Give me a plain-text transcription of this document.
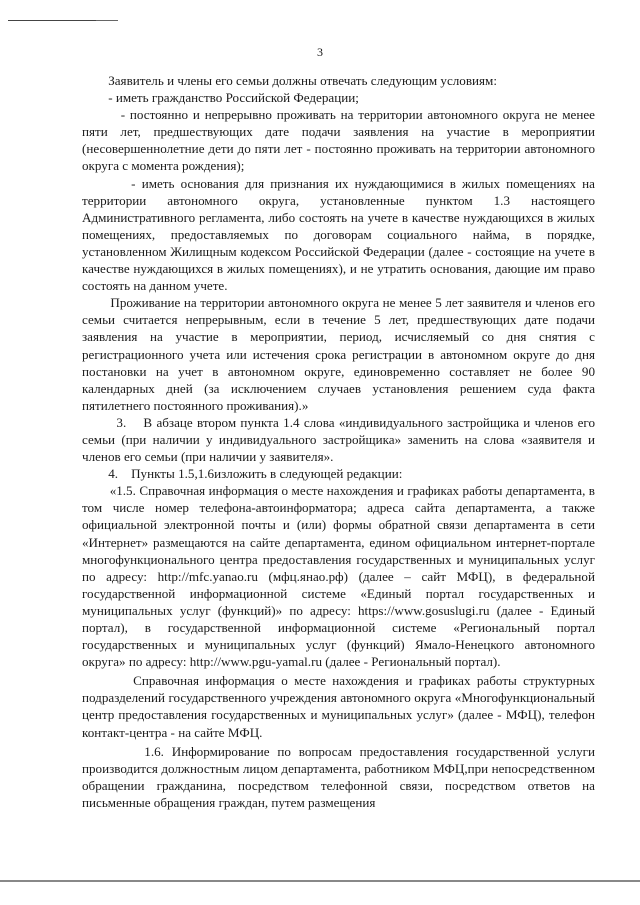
3

Заявитель и члены его семьи должны отвечать следующим условиям:

- иметь гражданство Российской Федерации;

- постоянно и непрерывно проживать на территории автономного округа не менее пяти лет, предшествующих дате подачи заявления на участие в мероприятии (несовершеннолетние дети до пяти лет - постоянно проживать на территории автономного округа с момента рождения);

- иметь основания для признания их нуждающимися в жилых помещениях на территории автономного округа, установленные пунктом 1.3 настоящего Административного регламента, либо состоять на учете в качестве нуждающихся в жилых помещениях, предоставляемых по договорам социального найма, в порядке, установленном Жилищным кодексом Российской Федерации (далее - состоящие на учете в качестве нуждающихся в жилых помещениях), и не утратить основания, дающие им право состоять на данном учете.

Проживание на территории автономного округа не менее 5 лет заявителя и членов его семьи считается непрерывным, если в течение 5 лет, предшествующих дате подачи заявления на участие в мероприятии, период, исчисляемый со дня снятия с регистрационного учета или истечения срока регистрации в автономном округе до дня постановки на учет в автономном округе, единовременно составляет не более 90 календарных дней (за исключением случаев установления решением суда факта пятилетнего постоянного проживания).»

3.    В абзаце втором пункта 1.4 слова «индивидуального застройщика и членов его семьи (при наличии у индивидуального застройщика» заменить на слова «заявителя и членов его семьи (при наличии у заявителя».

4.    Пункты 1.5,1.6изложить в следующей редакции:

«1.5. Справочная информация о месте нахождения и графиках работы департамента, в том числе номер телефона-автоинформатора; адреса сайта департамента, а также официальной электронной почты и (или) формы обратной связи департамента в сети «Интернет» размещаются на сайте департамента, едином официальном интернет-портале многофункционального центра предоставления государственных и муниципальных услуг по адресу: http://mfc.yanao.ru (мфц.янао.рф) (далее – сайт МФЦ), в федеральной государственной информационной системе «Единый портал государственных и муниципальных услуг (функций)» по адресу: https://www.gosuslugi.ru (далее - Единый портал), в государственной информационной системе «Региональный портал государственных и муниципальных услуг (функций) Ямало-Ненецкого автономного округа» по адресу: http://www.pgu-yamal.ru (далее - Региональный портал).

Справочная информация о месте нахождения и графиках работы структурных подразделений государственного учреждения автономного округа «Многофункциональный центр предоставления государственных и муниципальных услуг» (далее - МФЦ), телефон контакт-центра - на сайте МФЦ.

1.6. Информирование по вопросам предоставления государственной услуги производится должностным лицом департамента, работником МФЦ,при непосредственном обращении гражданина, посредством телефонной связи, посредством ответов на письменные обращения граждан, путем размещения
